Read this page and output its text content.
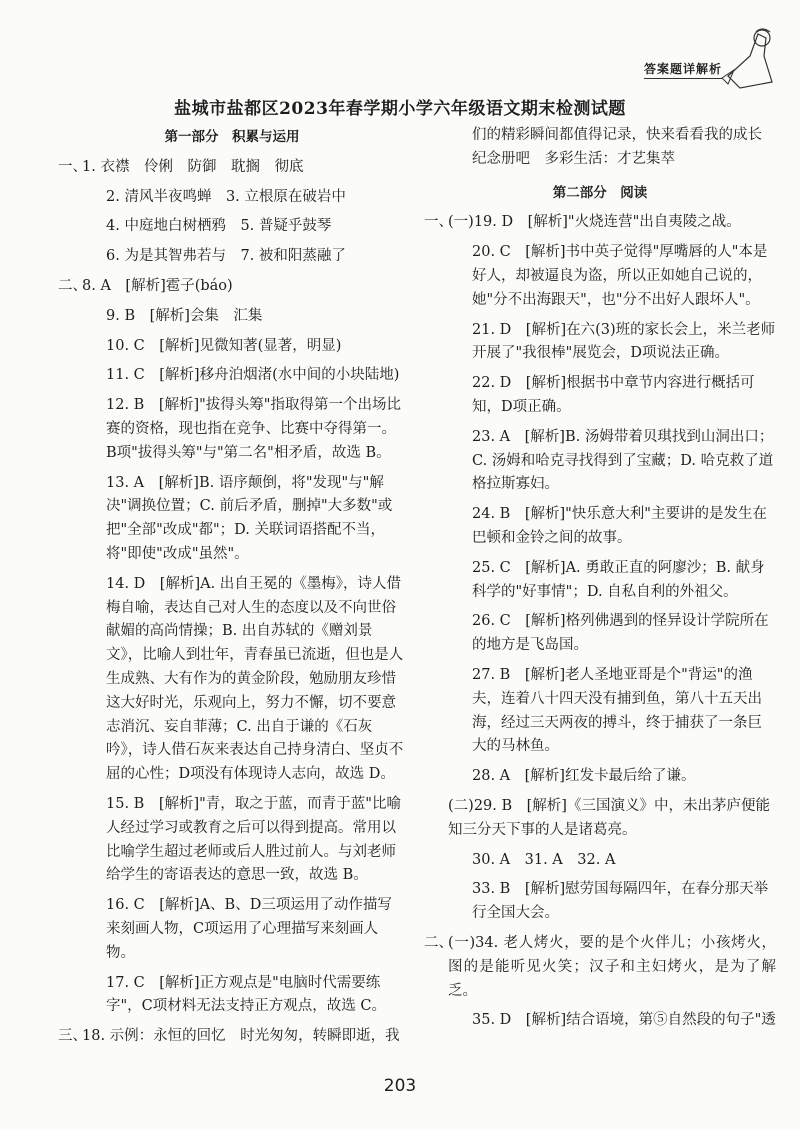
答案题详解析
盐城市盐都区2023年春学期小学六年级语文期末检测试题
第一部分　积累与运用
一、
1. 衣襟　伶俐　防御　耽搁　彻底
2. 清风半夜鸣蝉　3. 立根原在破岩中
4. 中庭地白树栖鸦　5. 普疑乎鼓琴
6. 为是其智弗若与　7. 被和阳蒸融了
二、
8. A　[解析]雹子(báo)
9. B　[解析]会集　汇集
10. C　[解析]见微知著(显著，明显)
11. C　[解析]移舟泊烟渚(水中间的小块陆地)
12. B　[解析]"拔得头筹"指取得第一个出场比赛的资格，现也指在竞争、比赛中夺得第一。B项"拔得头筹"与"第二名"相矛盾，故选 B。
13. A　[解析]B. 语序颠倒，将"发现"与"解决"调换位置；C. 前后矛盾，删掉"大多数"或把"全部"改成"都"；D. 关联词语搭配不当，将"即使"改成"虽然"。
14. D　[解析]A. 出自王冕的《墨梅》，诗人借梅自喻，表达自己对人生的态度以及不向世俗献媚的高尚情操；B. 出自苏轼的《赠刘景文》，比喻人到壮年，青春虽已流逝，但也是人生成熟、大有作为的黄金阶段，勉励朋友珍惜这大好时光，乐观向上，努力不懈，切不要意志消沉、妄自菲薄；C. 出自于谦的《石灰吟》，诗人借石灰来表达自己持身清白、坚贞不屈的心性；D项没有体现诗人志向，故选 D。
15. B　[解析]"青，取之于蓝，而青于蓝"比喻人经过学习或教育之后可以得到提高。常用以比喻学生超过老师或后人胜过前人。与刘老师给学生的寄语表达的意思一致，故选 B。
16. C　[解析]A、B、D三项运用了动作描写来刻画人物，C项运用了心理描写来刻画人物。
17. C　[解析]正方观点是"电脑时代需要练字"，C项材料无法支持正方观点，故选 C。
三、
18. 示例：永恒的回忆　时光匆匆，转瞬即逝，我
们的精彩瞬间都值得记录，快来看看我的成长纪念册吧　多彩生活：才艺集萃
第二部分　阅读
一、
(一)19. D　[解析]"火烧连营"出自夷陵之战。
20. C　[解析]书中英子觉得"厚嘴唇的人"本是好人，却被逼良为盗，所以正如她自己说的，她"分不出海跟天"，也"分不出好人跟坏人"。
21. D　[解析]在六(3)班的家长会上，米兰老师开展了"我很棒"展览会，D项说法正确。
22. D　[解析]根据书中章节内容进行概括可知，D项正确。
23. A　[解析]B. 汤姆带着贝琪找到山洞出口；C. 汤姆和哈克寻找得到了宝藏；D. 哈克救了道格拉斯寡妇。
24. B　[解析]"快乐意大利"主要讲的是发生在巴顿和金铃之间的故事。
25. C　[解析]A. 勇敢正直的阿廖沙；B. 献身科学的"好事情"；D. 自私自利的外祖父。
26. C　[解析]格列佛遇到的怪异设计学院所在的地方是飞岛国。
27. B　[解析]老人圣地亚哥是个"背运"的渔夫，连着八十四天没有捕到鱼，第八十五天出海，经过三天两夜的搏斗，终于捕获了一条巨大的马林鱼。
28. A　[解析]红发卡最后给了谦。
(二)29. B　[解析]《三国演义》中，未出茅庐便能知三分天下事的人是诸葛亮。
30. A　31. A　32. A
33. B　[解析]慰劳国每隔四年，在春分那天举行全国大会。
二、
(一)34. 老人烤火，要的是个火伴儿；小孩烤火，图的是能听见火笑；汉子和主妇烤火，是为了解乏。
35. D　[解析]结合语境，第⑤自然段的句子"透
203
